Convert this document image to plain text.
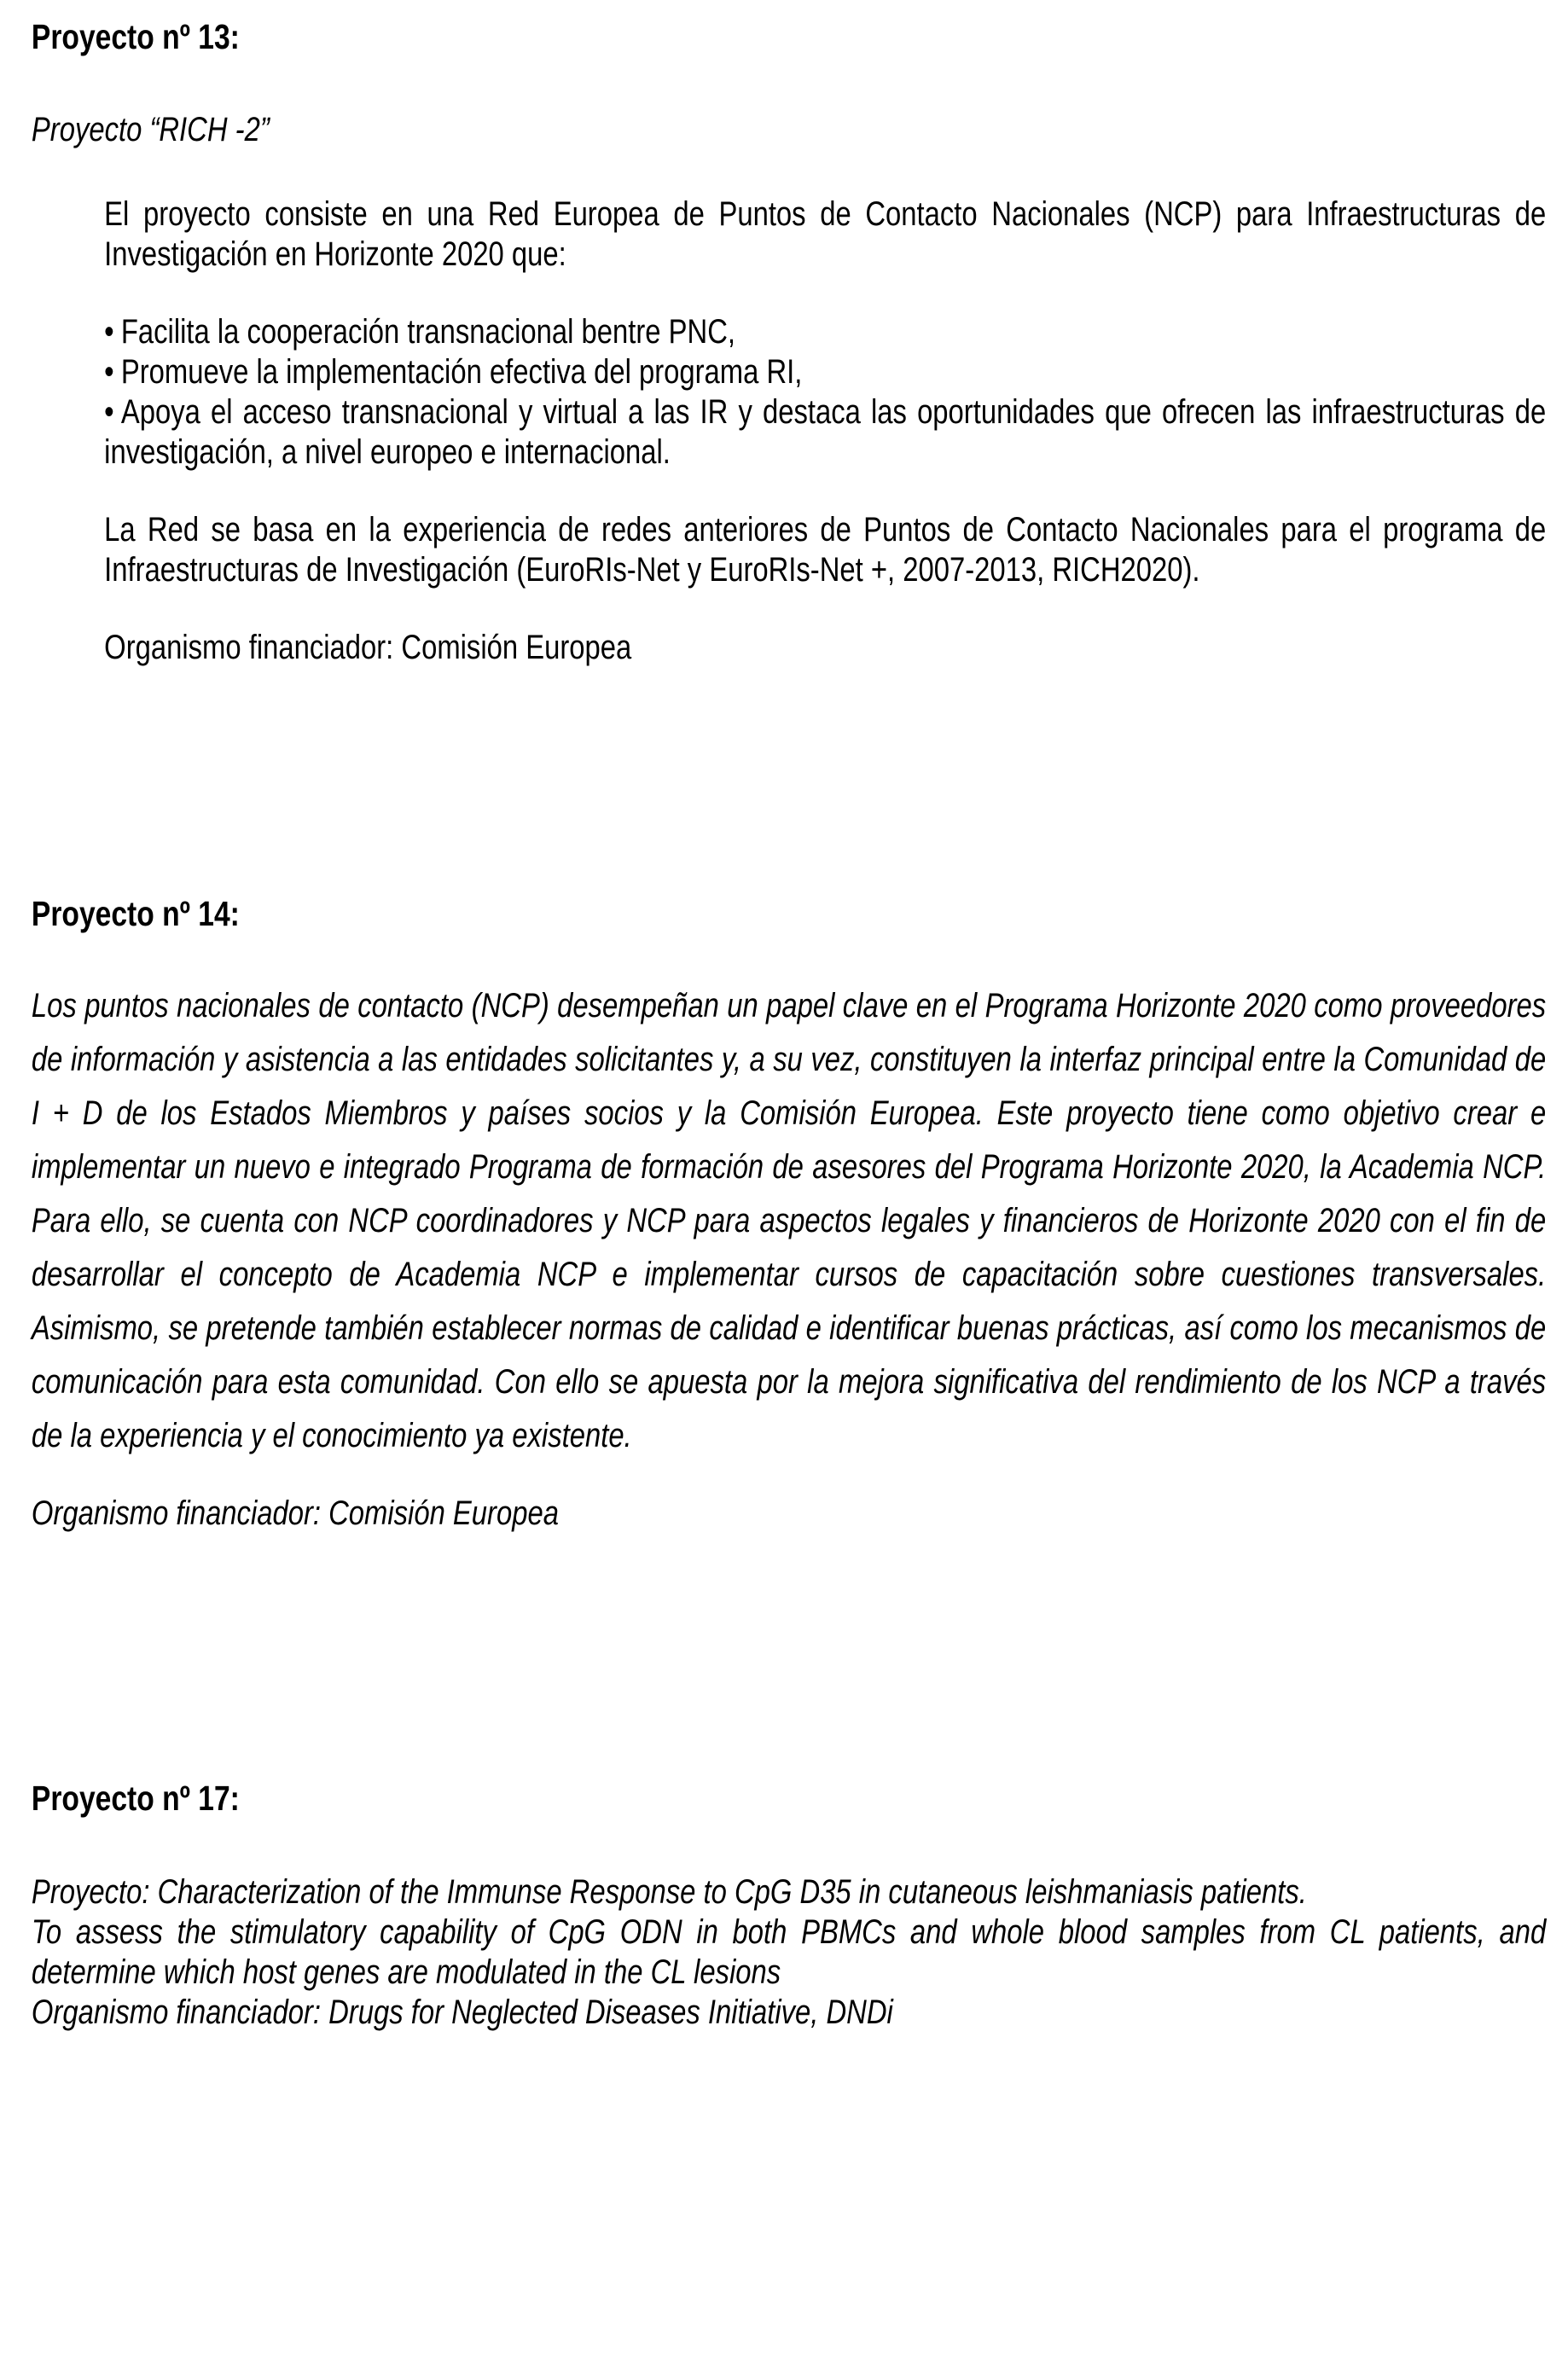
Proyecto nº 13:

Proyecto “RICH -2”

El proyecto consiste en una Red Europea de Puntos de Contacto Nacionales (NCP) para Infraestructuras de Investigación en Horizonte 2020 que:

• Facilita la cooperación transnacional bentre PNC,
• Promueve la implementación efectiva del programa RI,
• Apoya el acceso transnacional y virtual a las IR y destaca las oportunidades que ofrecen las infraestructuras de investigación, a nivel europeo e internacional.

La Red se basa en la experiencia de redes anteriores de Puntos de Contacto Nacionales para el programa de Infraestructuras de Investigación (EuroRIs-Net y EuroRIs-Net +, 2007-2013, RICH2020).

Organismo financiador: Comisión Europea

Proyecto nº 14:

Los puntos nacionales de contacto (NCP) desempeñan un papel clave en el Programa Horizonte 2020 como proveedores de información y asistencia a las entidades solicitantes y, a su vez, constituyen la interfaz principal entre la Comunidad de I + D de los Estados Miembros y países socios y la Comisión Europea. Este proyecto tiene como objetivo crear e implementar un nuevo e integrado Programa de formación de asesores del Programa Horizonte 2020, la Academia NCP. Para ello, se cuenta con NCP coordinadores y NCP para aspectos legales y financieros de Horizonte 2020 con el fin de desarrollar el concepto de Academia NCP e implementar cursos de capacitación sobre cuestiones transversales. Asimismo, se pretende también establecer normas de calidad e identificar buenas prácticas, así como los mecanismos de comunicación para esta comunidad. Con ello se apuesta por la mejora significativa del rendimiento de los NCP a través de la experiencia y el conocimiento ya existente.

Organismo financiador: Comisión Europea

Proyecto nº 17:

Proyecto: Characterization of the Immunse Response to CpG D35 in cutaneous leishmaniasis patients.

To assess the stimulatory capability of CpG ODN in both PBMCs and whole blood samples from CL patients, and determine which host genes are modulated in the CL lesions

Organismo financiador: Drugs for Neglected Diseases Initiative, DNDi
